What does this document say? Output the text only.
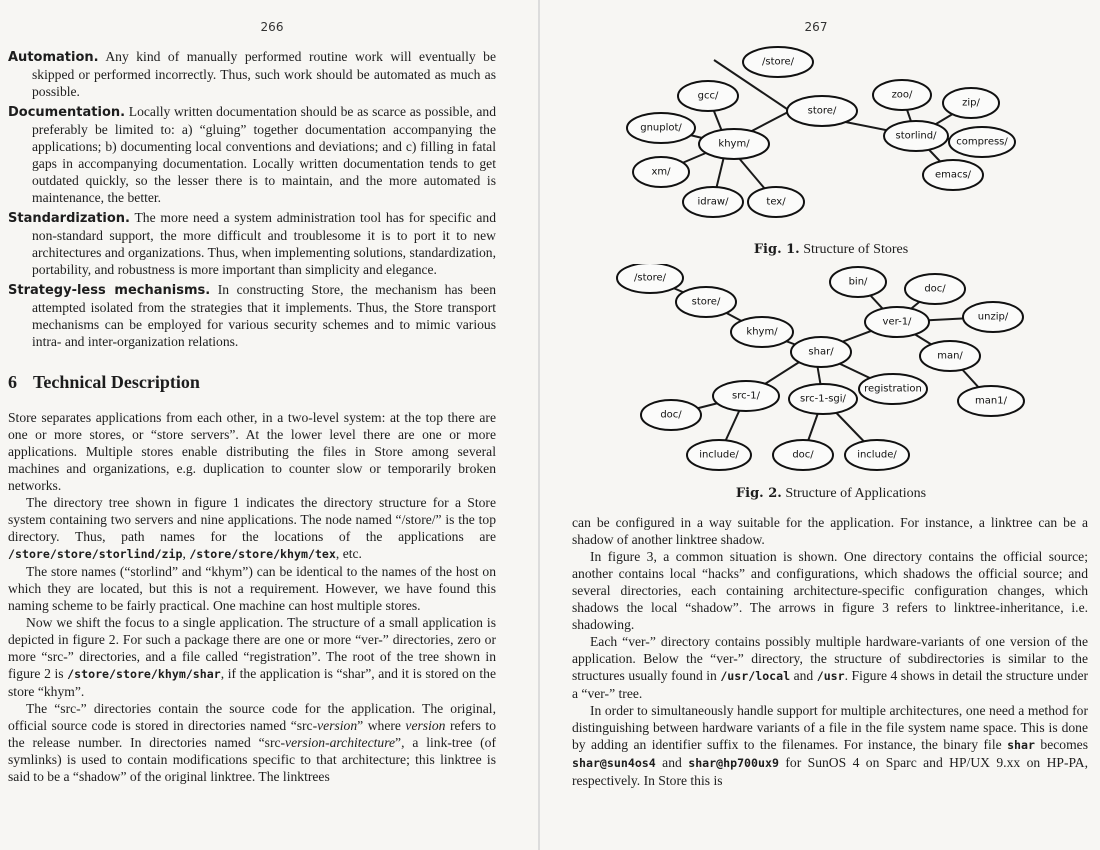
266

Automation. Any kind of manually performed routine work will eventually be skipped or performed incorrectly. Thus, such work should be automated as much as possible.

Documentation. Locally written documentation should be as scarce as possible, and preferably be limited to: a) “gluing” together documentation accompanying the applications; b) documenting local conventions and deviations; and c) filling in fatal gaps in accompanying documentation. Locally written documentation tends to get outdated quickly, so the lesser there is to maintain, and the more automated is maintenance, the better.

Standardization. The more need a system administration tool has for specific and non-standard support, the more difficult and troublesome it is to port it to new architectures and organizations. Thus, when implementing solutions, standardization, portability, and robustness is more important than simplicity and elegance.

Strategy-less mechanisms. In constructing Store, the mechanism has been attempted isolated from the strategies that it implements. Thus, the Store transport mechanisms can be employed for various security schemes and to mimic various intra- and inter-organization relations.

6 Technical Description

Store separates applications from each other, in a two-level system: at the top there are one or more stores, or “store servers”. At the lower level there are one or more applications. Multiple stores enable distributing the files in Store among several machines and organizations, e.g. duplication to counter slow or temporarily broken networks.

The directory tree shown in figure 1 indicates the directory structure for a Store system containing two servers and nine applications. The node named “/store/” is the top directory. Thus, path names for the locations of the applications are /store/store/storlind/zip, /store/store/khym/tex, etc.

The store names (“storlind” and “khym”) can be identical to the names of the host on which they are located, but this is not a requirement. However, we have found this naming scheme to be fairly practical. One machine can host multiple stores.

Now we shift the focus to a single application. The structure of a small application is depicted in figure 2. For such a package there are one or more “ver-” directories, zero or more “src-” directories, and a file called “registration”. The root of the tree shown in figure 2 is /store/store/khym/shar, if the application is “shar”, and it is stored on the store “khym”.

The “src-” directories contain the source code for the application. The original, official source code is stored in directories named “src-version” where version refers to the release number. In directories named “src-version-architecture”, a link-tree (of symlinks) is used to contain modifications specific to that architecture; this linktree is said to be a “shadow” of the original linktree. The linktrees

267
/store/
store/
gcc/
gnuplot/
khym/
xm/
idraw/	tex/
zoo/
zip/
storlind/
compress/
emacs/
Fig. 1. Structure of Stores
/store/
store/
khym/
shar/
bin/
doc/
ver-1/	unzip/
man/
man1/
registration
src-1/	src-1-sgi/
doc/
include/	doc/	include/
Fig. 2. Structure of Applications

can be configured in a way suitable for the application. For instance, a linktree can be a shadow of another linktree shadow.

In figure 3, a common situation is shown. One directory contains the official source; another contains local “hacks” and configurations, which shadows the official source; and several directories, each containing architecture-specific configuration changes, which shadows the local “shadow”. The arrows in figure 3 refers to linktree-inheritance, i.e. shadowing.

Each “ver-” directory contains possibly multiple hardware-variants of one version of the application. Below the “ver-” directory, the structure of subdirectories is similar to the structures usually found in /usr/local and /usr. Figure 4 shows in detail the structure under a “ver-” tree.

In order to simultaneously handle support for multiple architectures, one need a method for distinguishing between hardware variants of a file in the file system name space. This is done by adding an identifier suffix to the filenames. For instance, the binary file shar becomes shar@sun4os4 and shar@hp700ux9 for SunOS 4 on Sparc and HP/UX 9.xx on HP-PA, respectively. In Store this is
